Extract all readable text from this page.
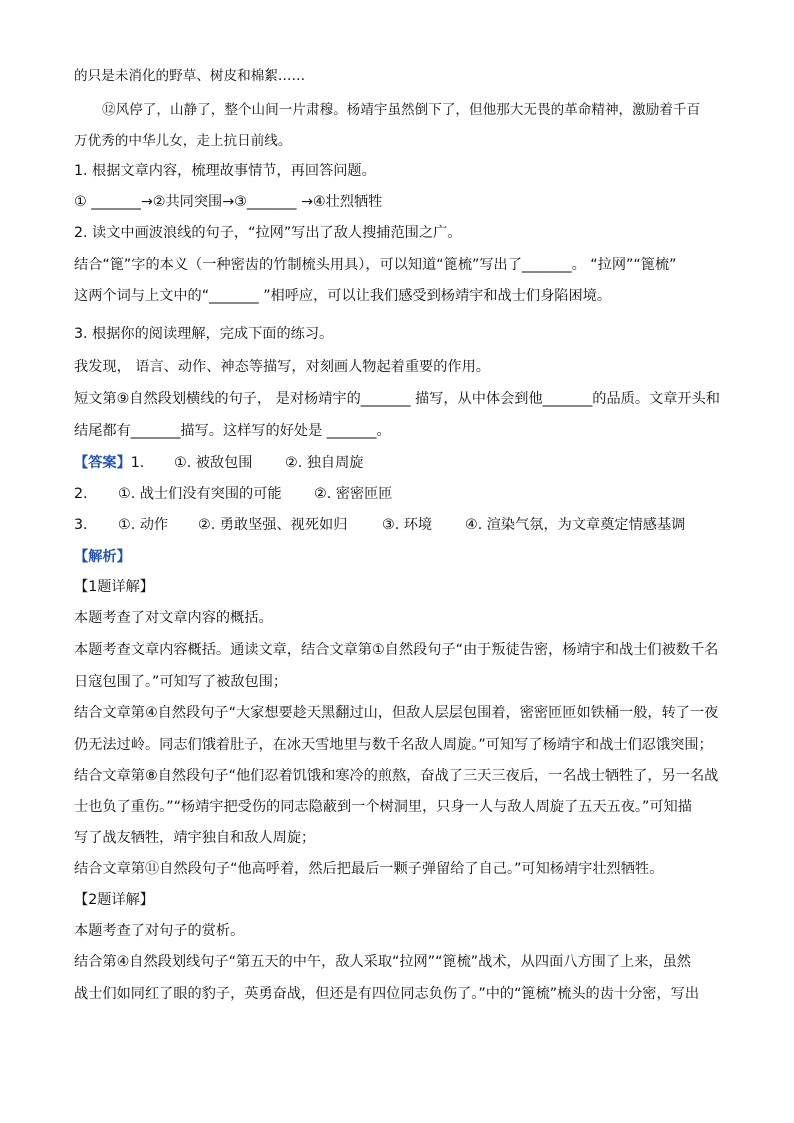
的只是未消化的野草、树皮和棉絮……
⑫风停了，山静了，整个山间一片肃穆。杨靖宇虽然倒下了，但他那大无畏的革命精神，激励着千百
万优秀的中华儿女，走上抗日前线。
1. 根据文章内容，梳理故事情节，再回答问题。
① _______→②共同突围→③_______ →④壮烈牺牲
2. 读文中画波浪线的句子，“拉网”写出了敌人搜捕范围之广。
结合“篦”字的本义（一种密齿的竹制梳头用具），可以知道“篦梳”写出了_______。 “拉网”“篦梳”
这两个词与上文中的“_______ ”相呼应，可以让我们感受到杨靖宇和战士们身陷困境。
3. 根据你的阅读理解，完成下面的练习。
我发现， 语言、动作、神态等描写，对刻画人物起着重要的作用。
短文第⑨自然段划横线的句子， 是对杨靖宇的_______ 描写，从中体会到他_______的品质。文章开头和
结尾都有_______描写。这样写的好处是 _______。
【答案】1. ①. 被敌包围 ②. 独自周旋
2. ①. 战士们没有突围的可能 ②. 密密匝匝
3. ①. 动作 ②. 勇敢坚强、视死如归 ③. 环境 ④. 渲染气氛，为文章奠定情感基调
【解析】
【1题详解】
本题考查了对文章内容的概括。
本题考查文章内容概括。通读文章，结合文章第①自然段句子“由于叛徒告密，杨靖宇和战士们被数千名
日寇包围了。”可知写了被敌包围；
结合文章第④自然段句子“大家想要趁天黑翻过山，但敌人层层包围着，密密匝匝如铁桶一般，转了一夜
仍无法过岭。同志们饿着肚子，在冰天雪地里与数千名敌人周旋。”可知写了杨靖宇和战士们忍饿突围；
结合文章第⑧自然段句子“他们忍着饥饿和寒冷的煎熬，奋战了三天三夜后，一名战士牺牲了，另一名战
士也负了重伤。”“杨靖宇把受伤的同志隐蔽到一个树洞里，只身一人与敌人周旋了五天五夜。”可知描
写了战友牺牲，靖宇独自和敌人周旋；
结合文章第⑪自然段句子“他高呼着，然后把最后一颗子弹留给了自己。”可知杨靖宇壮烈牺牲。
【2题详解】
本题考查了对句子的赏析。
结合第④自然段划线句子“第五天的中午，敌人采取“拉网”“篦梳”战术，从四面八方围了上来，虽然
战士们如同红了眼的豹子，英勇奋战，但还是有四位同志负伤了。”中的“篦梳”梳头的齿十分密，写出
